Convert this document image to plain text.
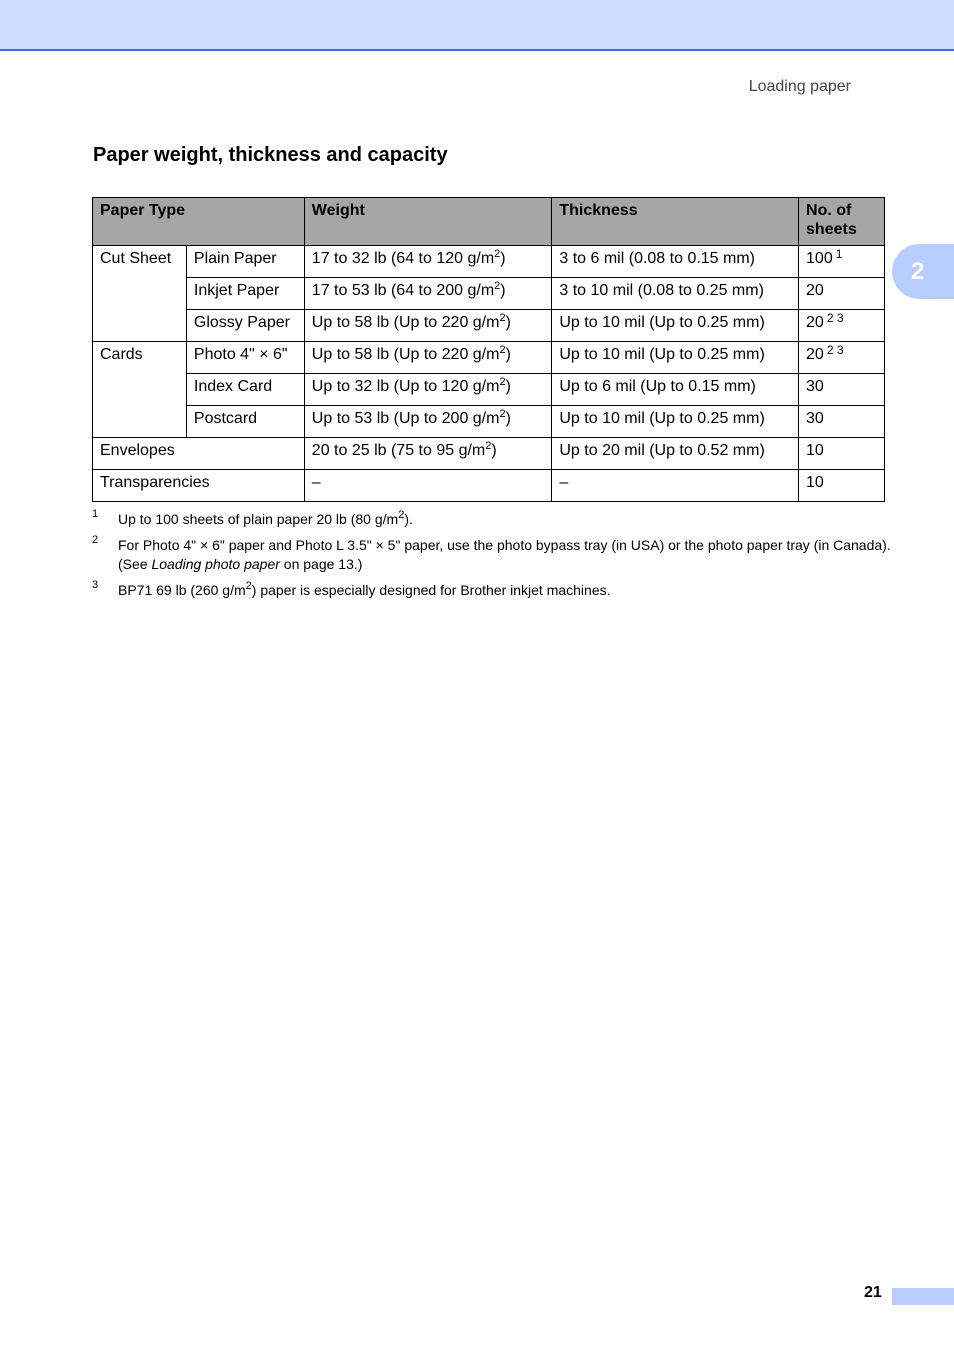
Loading paper
2
Paper weight, thickness and capacity
Paper Type		Weight	Thickness	No. of sheets
Cut Sheet	Plain Paper	17 to 32 lb (64 to 120 $g/m^2$)	3 to 6 mil (0.08 to 0.15 mm)	100 $^1$
	Inkjet Paper	17 to 53 lb (64 to 200 $g/m^2$)	3 to 10 mil (0.08 to 0.25 mm)	20
	Glossy Paper	Up to 58 lb (Up to 220 $g/m^2$)	Up to 10 mil (Up to 0.25 mm)	20 $^{2 3}$
Cards	Photo 4" × 6"	Up to 58 lb (Up to 220 $g/m^2$)	Up to 10 mil (Up to 0.25 mm)	20 $^{2 3}$
	Index Card	Up to 32 lb (Up to 120 $g/m^2$)	Up to 6 mil (Up to 0.15 mm)	30
	Postcard	Up to 53 lb (Up to 200 $g/m^2$)	Up to 10 mil (Up to 0.25 mm)	30
Envelopes		20 to 25 lb (75 to 95 $g/m^2$)	Up to 20 mil (Up to 0.52 mm)	10
Transparencies		–	–	10
1 Up to 100 sheets of plain paper 20 lb (80 $g/m^2$).
2 For Photo 4" × 6" paper and Photo L 3.5" × 5" paper, use the photo bypass tray (in USA) or the photo paper tray (in Canada). (See Loading photo paper on page 13.)
3 BP71 69 lb (260 $g/m^2$) paper is especially designed for Brother inkjet machines.
21
